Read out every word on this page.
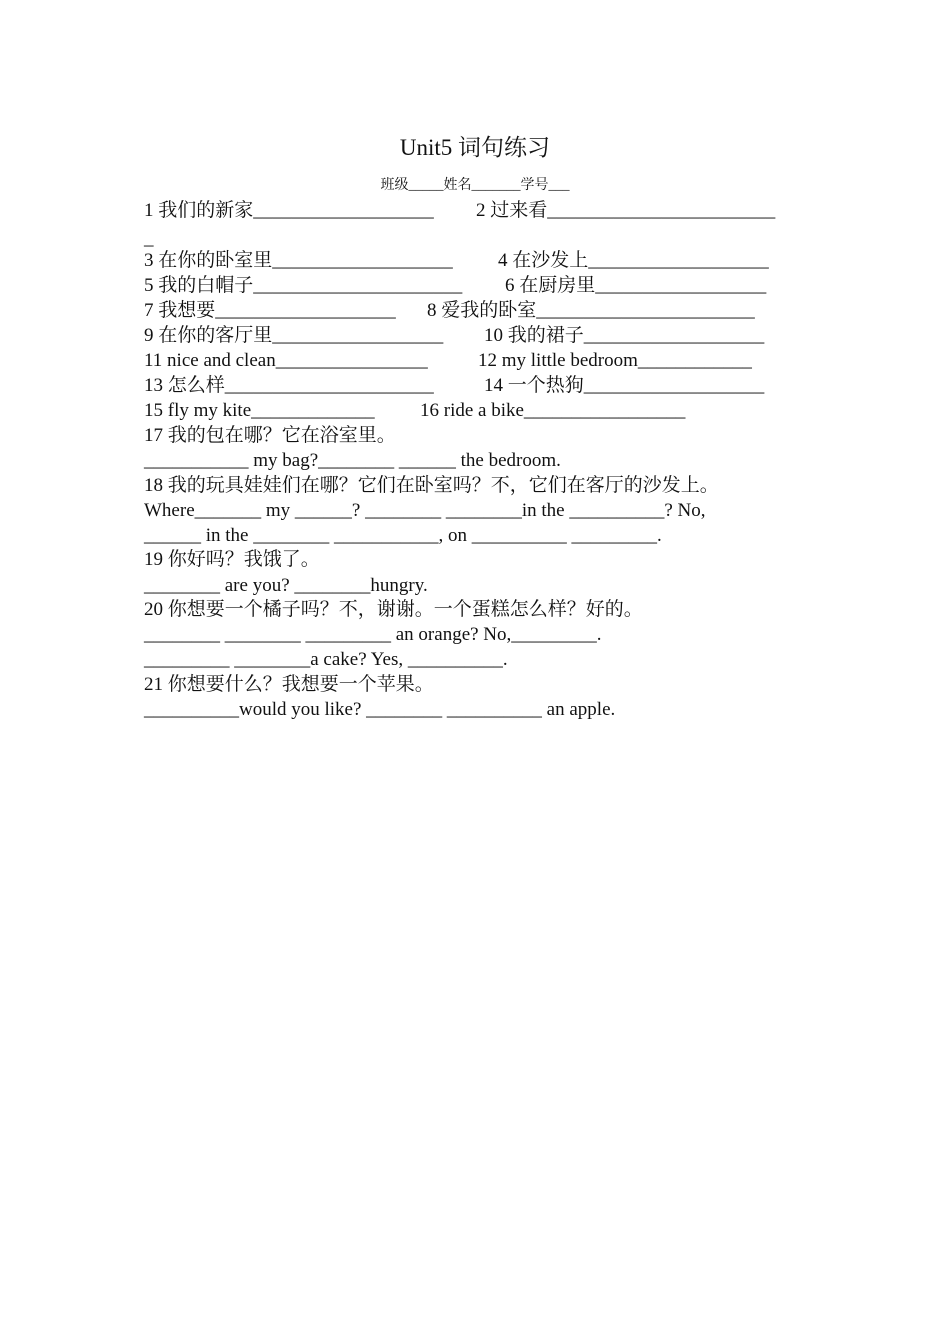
Unit5 词句练习
班级_____姓名_______学号___
1 我们的新家___________________ 2 过来看________________________
_
3 在你的卧室里___________________ 4 在沙发上___________________
5 我的白帽子______________________ 6 在厨房里__________________
7 我想要___________________ 8 爱我的卧室_______________________
9 在你的客厅里__________________ 10 我的裙子___________________
11 nice and clean________________	12 my little bedroom____________
13 怎么样______________________	14 一个热狗___________________
15 fly my kite_____________ 16 ride a bike_________________
17 我的包在哪？它在浴室里。
___________ my bag?________ ______ the bedroom.
18 我的玩具娃娃们在哪？它们在卧室吗？不，它们在客厅的沙发上。
Where_______ my ______? ________ ________in the __________? No,
______ in the ________ ___________, on __________ _________.
19 你好吗？我饿了。
________ are you? ________hungry.
20 你想要一个橘子吗？不，谢谢。一个蛋糕怎么样？好的。
________ ________ _________ an orange? No,_________.
_________ ________a cake? Yes, __________.
21 你想要什么？我想要一个苹果。
__________would you like? ________ __________ an apple.
